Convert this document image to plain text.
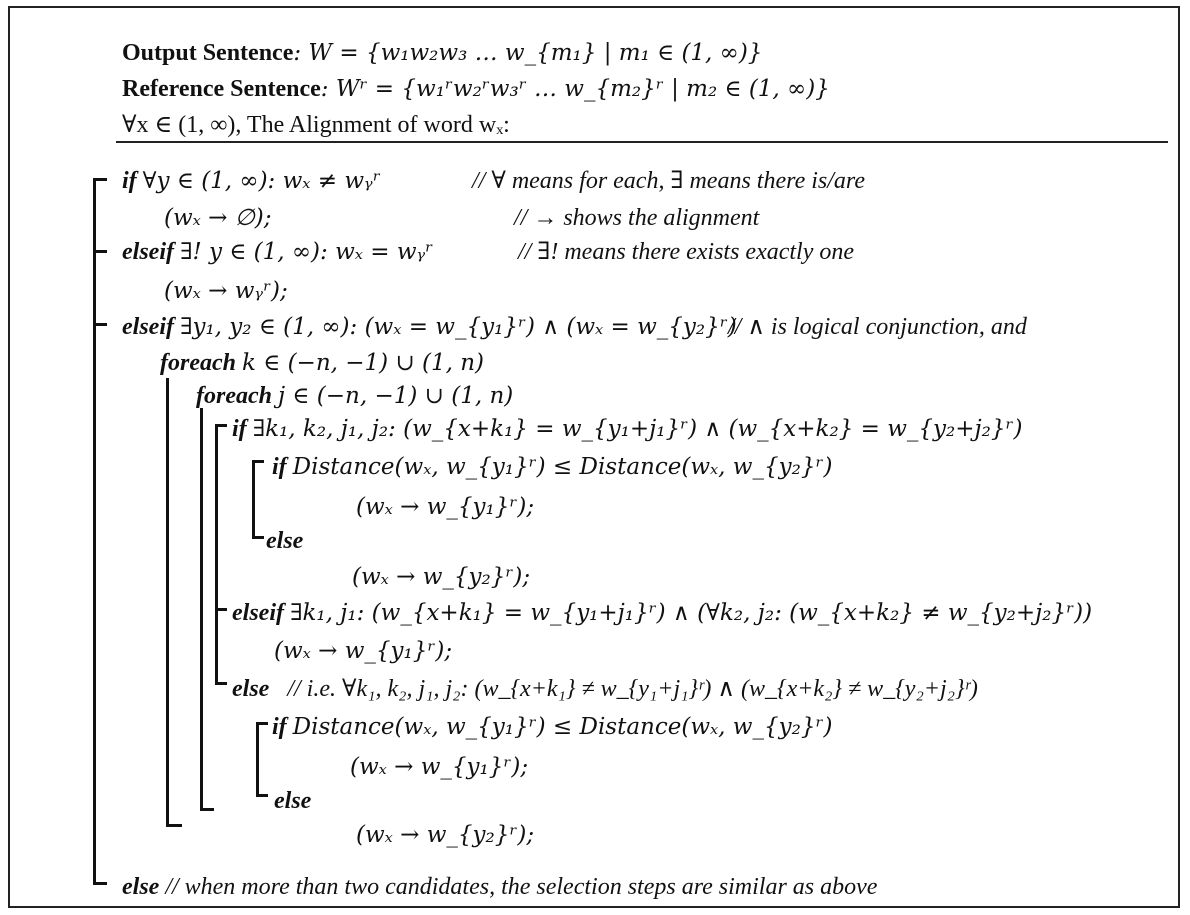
Output Sentence: W = {w₁w₂w₃ … w_{m₁} | m₁ ∈ (1, ∞)}
Reference Sentence: Wʳ = {w₁ʳw₂ʳw₃ʳ … w_{m₂}ʳ | m₂ ∈ (1, ∞)}
∀x ∈ (1, ∞), The Alignment of word wₓ:
if ∀y ∈ (1, ∞): wₓ ≠ wᵧʳ	// ∀ means for each, ∃ means there is/are
(wₓ → ∅);	// → shows the alignment
elseif ∃! y ∈ (1, ∞): wₓ = wᵧʳ	// ∃! means there exists exactly one
(wₓ → wᵧʳ);
elseif ∃y₁, y₂ ∈ (1, ∞): (wₓ = w_{y₁}ʳ) ∧ (wₓ = w_{y₂}ʳ)
// ∧ is logical conjunction, and
foreach k ∈ (−n, −1) ∪ (1, n)
foreach j ∈ (−n, −1) ∪ (1, n)
if ∃k₁, k₂, j₁, j₂: (w_{x+k₁} = w_{y₁+j₁}ʳ) ∧ (w_{x+k₂} = w_{y₂+j₂}ʳ)
if Distance(wₓ, w_{y₁}ʳ) ≤ Distance(wₓ, w_{y₂}ʳ)
(wₓ → w_{y₁}ʳ);
else
(wₓ → w_{y₂}ʳ);
elseif ∃k₁, j₁: (w_{x+k₁} = w_{y₁+j₁}ʳ) ∧ (∀k₂, j₂: (w_{x+k₂} ≠ w_{y₂+j₂}ʳ))
(wₓ → w_{y₁}ʳ);
else // i.e. ∀k₁, k₂, j₁, j₂: (w_{x+k₁} ≠ w_{y₁+j₁}ʳ) ∧ (w_{x+k₂} ≠ w_{y₂+j₂}ʳ)
if Distance(wₓ, w_{y₁}ʳ) ≤ Distance(wₓ, w_{y₂}ʳ)
(wₓ → w_{y₁}ʳ);
else
(wₓ → w_{y₂}ʳ);
else // when more than two candidates, the selection steps are similar as above
